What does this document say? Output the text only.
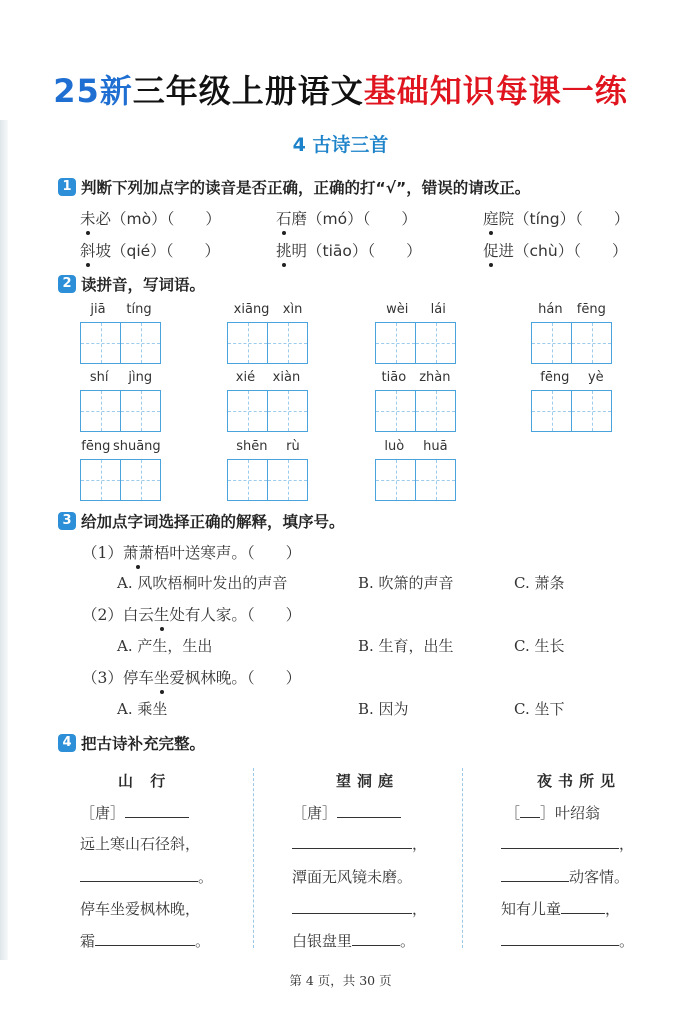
25新三年级上册语文基础知识每课一练
4 古诗三首
1 判断下列加点字的读音是否正确，正确的打“√”，错误的请改正。
未必（mò）（　　）	石磨（mó）（　　）	庭院（tíng）（　　）
斜坡（qié）（　　）	挑明（tiāo）（　　）	促进（chù）（　　）
2 读拼音，写词语。
jiā tíng	xiāng xìn	wèi lái	hán fēng
shí jìng	xié xiàn	tiāo zhàn	fēng yè
fēng shuāng	shēn rù	luò huā
3 给加点字词选择正确的解释，填序号。
（1）萧萧梧叶送寒声。（　　）
A. 风吹梧桐叶发出的声音	B. 吹箫的声音	C. 萧条
（2）白云生处有人家。（　　）
A. 产生，生出	B. 生育，出生	C. 生长
（3）停车坐爱枫林晚。（　　）
A. 乘坐	B. 因为	C. 坐下
4 把古诗补充完整。
山 行
［唐］
远上寒山石径斜，
。
停车坐爱枫林晚，
霜	。
望洞庭
［唐］
，
潭面无风镜未磨。
，
白银盘里	。
夜书所见
［ ］叶绍翁
，
动客情。
知有儿童	，
。
第 4 页，共 30 页
